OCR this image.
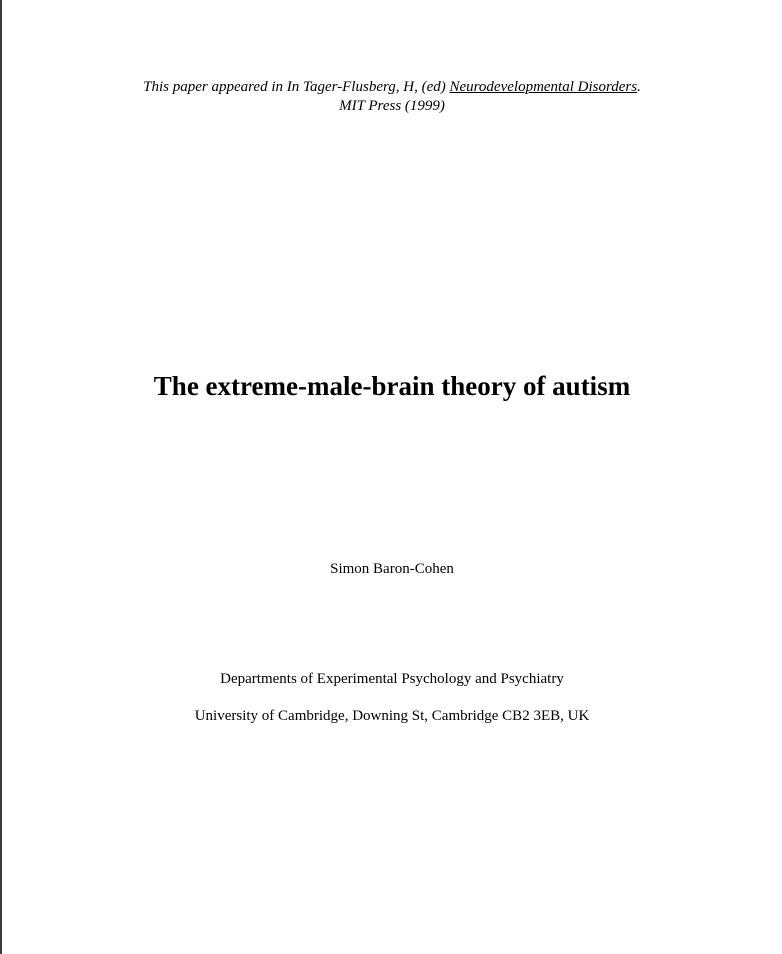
This paper appeared in In Tager-Flusberg, H, (ed) Neurodevelopmental Disorders.
MIT Press (1999)
The extreme-male-brain theory of autism
Simon Baron-Cohen
Departments of Experimental Psychology and Psychiatry
University of Cambridge, Downing St, Cambridge CB2 3EB, UK
